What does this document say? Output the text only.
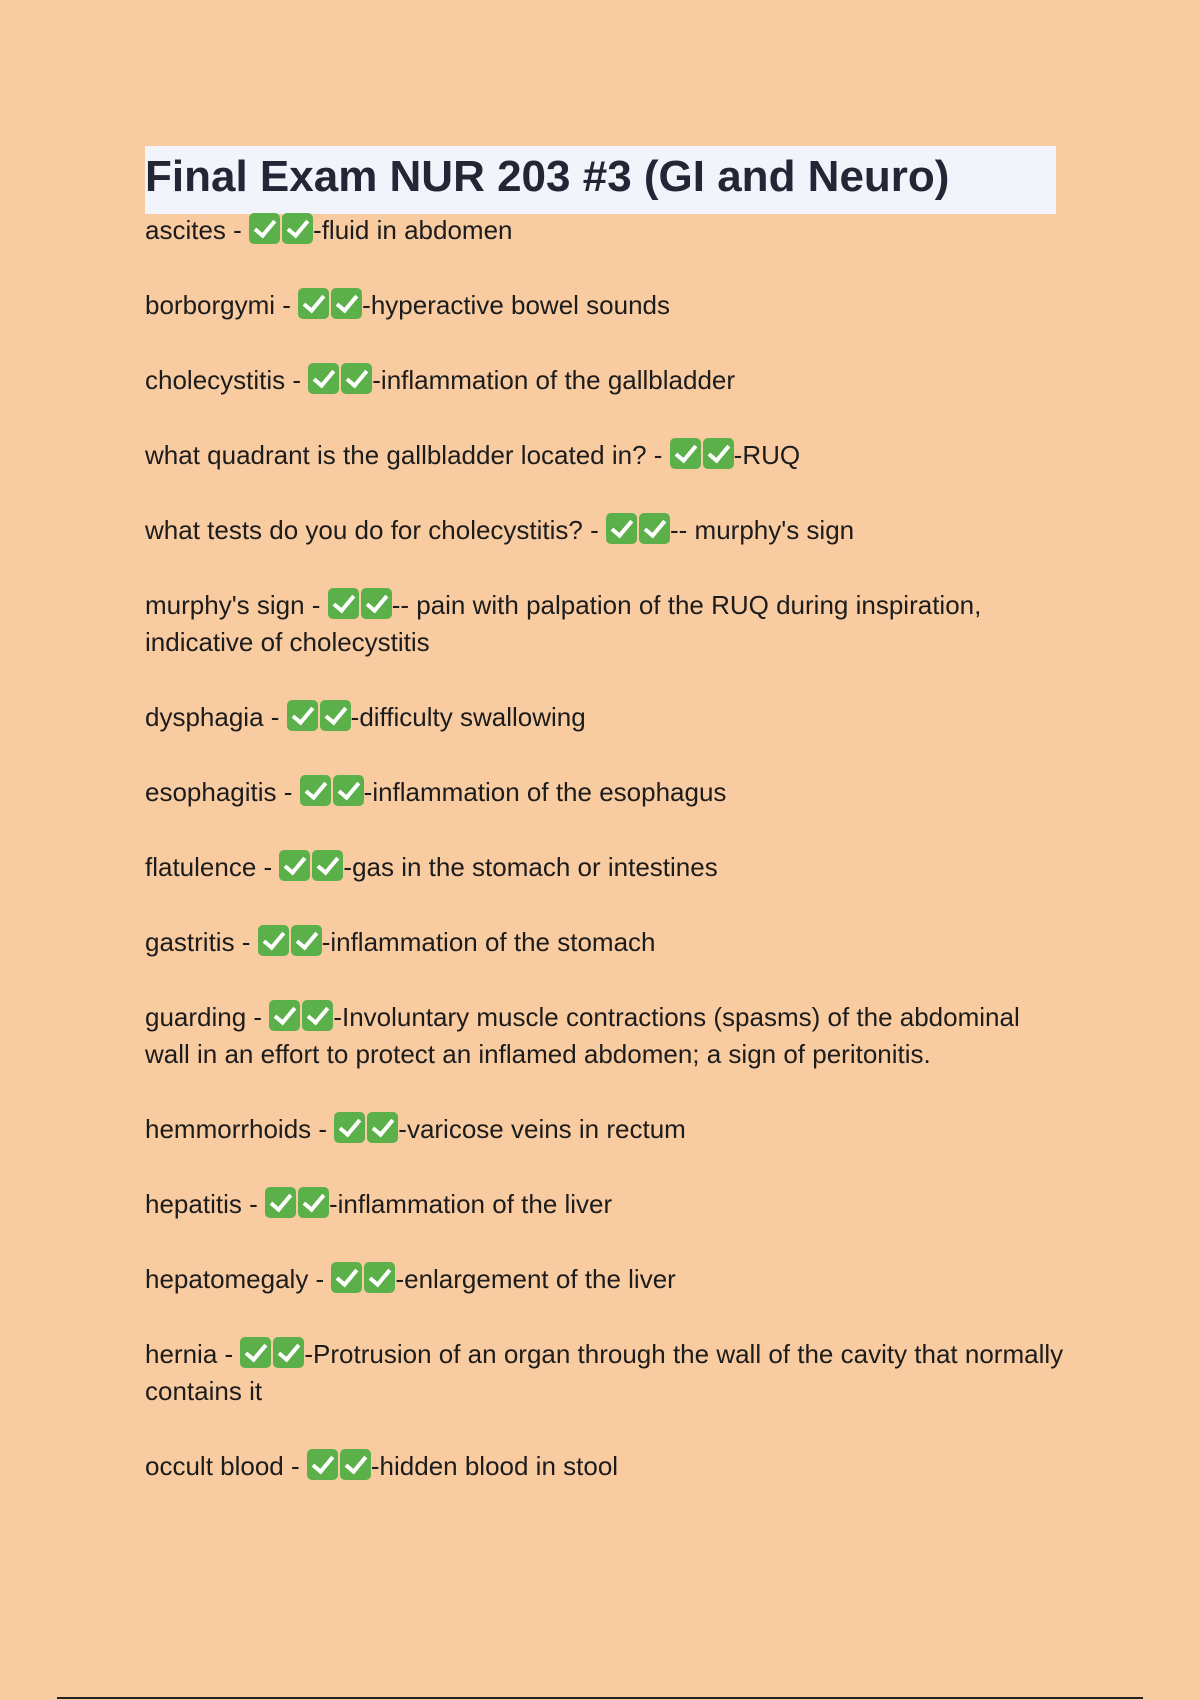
Final Exam NUR 203 #3 (GI and Neuro)

ascites - -fluid in abdomen

borborgymi - -hyperactive bowel sounds

cholecystitis - -inflammation of the gallbladder

what quadrant is the gallbladder located in? - -RUQ

what tests do you do for cholecystitis? - -- murphy's sign

murphy's sign - -- pain with palpation of the RUQ during inspiration, indicative of cholecystitis

dysphagia - -difficulty swallowing

esophagitis - -inflammation of the esophagus

flatulence - -gas in the stomach or intestines

gastritis - -inflammation of the stomach

guarding - -Involuntary muscle contractions (spasms) of the abdominal wall in an effort to protect an inflamed abdomen; a sign of peritonitis.

hemmorrhoids - -varicose veins in rectum

hepatitis - -inflammation of the liver

hepatomegaly - -enlargement of the liver

hernia - -Protrusion of an organ through the wall of the cavity that normally contains it

occult blood - -hidden blood in stool
